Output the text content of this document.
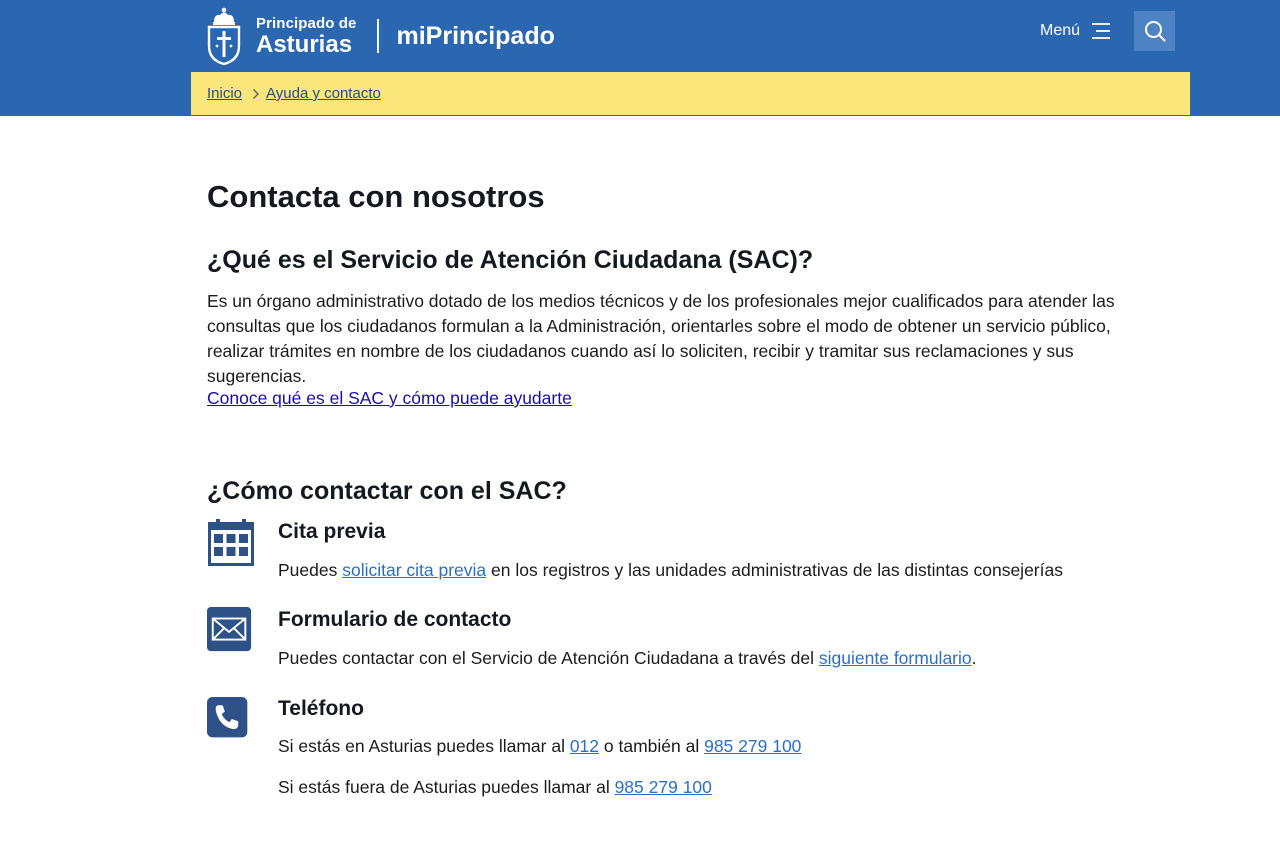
Principado de
Asturias miPrincipado	Menú
Inicio Ayuda y contacto
Contacta con nosotros
¿Qué es el Servicio de Atención Ciudadana (SAC)?

Es un órgano administrativo dotado de los medios técnicos y de los profesionales mejor cualificados para atender las consultas que los ciudadanos formulan a la Administración, orientarles sobre el modo de obtener un servicio público, realizar trámites en nombre de los ciudadanos cuando así lo soliciten, recibir y tramitar sus reclamaciones y sus sugerencias.

Conoce qué es el SAC y cómo puede ayudarte
¿Cómo contactar con el SAC?
Cita previa
Puedes solicitar cita previa en los registros y las unidades administrativas de las distintas consejerías
Formulario de contacto
Puedes contactar con el Servicio de Atención Ciudadana a través del siguiente formulario.
Teléfono
Si estás en Asturias puedes llamar al 012 o también al 985 279 100
Si estás fuera de Asturias puedes llamar al 985 279 100
